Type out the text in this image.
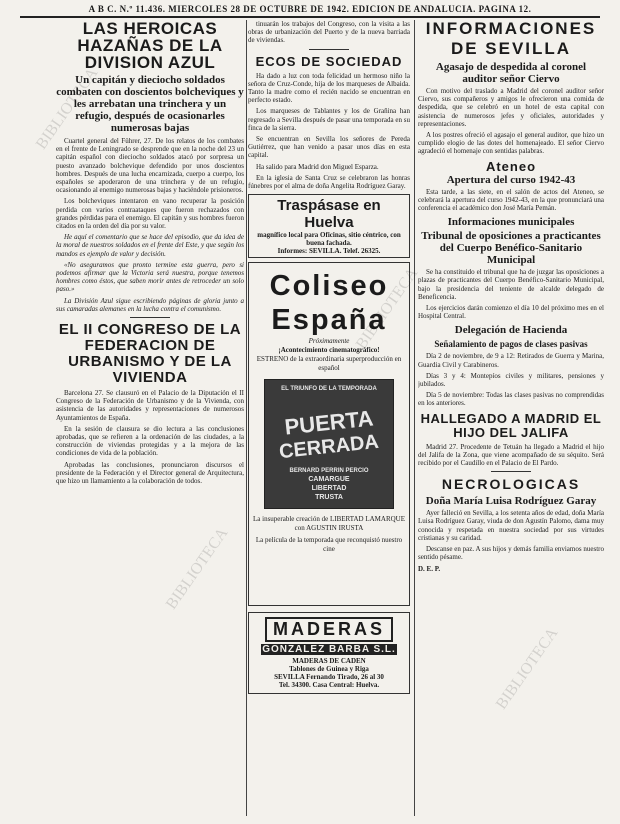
A B C. N.º 11.436. MIERCOLES 28 DE OCTUBRE DE 1942. EDICION DE ANDALUCIA. PAGINA 12.
LAS HEROICAS HAZAÑAS DE LA DIVISION AZUL
Un capitán y dieciocho soldados combaten con doscientos bolcheviques y les arrebatan una trinchera y un refugio, después de ocasionarles numerosas bajas

Cuartel general del Führer, 27. De los relatos de los combates en el frente de Leningrado se desprende que en la noche del 23 un capitán español con dieciocho soldados atacó por sorpresa un puesto avanzado bolchevique defendido por unos doscientos hombres. Después de una lucha encarnizada, cuerpo a cuerpo, los españoles se apoderaron de una trinchera y de un refugio, ocasionando al enemigo numerosas bajas y haciéndole prisioneros.

Los bolcheviques intentaron en vano recuperar la posición perdida con varios contraataques que fueron rechazados con grandes pérdidas para el enemigo. El capitán y sus hombres fueron citados en la orden del día por su valor.

He aquí el comentario que se hace del episodio, que da idea de la moral de nuestros soldados en el frente del Este, y que según los mandos es ejemplo de valor y decisión.

«No aseguramos que pronto termine esta guerra, pero sí podemos afirmar que la Victoria será nuestra, porque tenemos hombres como éstos, que saben morir antes de retroceder un solo paso.»

La División Azul sigue escribiendo páginas de gloria junto a sus camaradas alemanes en la lucha contra el comunismo.

EL II CONGRESO DE LA FEDERACION DE URBANISMO Y DE LA VIVIENDA

Barcelona 27. Se clausuró en el Palacio de la Diputación el II Congreso de la Federación de Urbanismo y de la Vivienda, con asistencia de las autoridades y representaciones de numerosos Ayuntamientos de España.

En la sesión de clausura se dio lectura a las conclusiones aprobadas, que se refieren a la ordenación de las ciudades, a la construcción de viviendas protegidas y a la mejora de las condiciones de vida de la población.

Aprobadas las conclusiones, pronunciaron discursos el presidente de la Federación y el Director general de Arquitectura, que hizo un llamamiento a la colaboración de todos.

tinuarán los trabajos del Congreso, con la visita a las obras de urbanización del Puerto y de la nueva barriada de viviendas.

ECOS DE SOCIEDAD

Ha dado a luz con toda felicidad un hermoso niño la señora de Cruz-Conde, hija de los marqueses de Albaida. Tanto la madre como el recién nacido se encuentran en perfecto estado.

Los marqueses de Tablantes y los de Grañina han regresado a Sevilla después de pasar una temporada en su finca de la sierra.

Se encuentran en Sevilla los señores de Pereda Gutiérrez, que han venido a pasar unos días en esta capital.

Ha salido para Madrid don Miguel Esparza.

En la iglesia de Santa Cruz se celebraron las honras fúnebres por el alma de doña Angelita Rodríguez Garay.

Traspásase en Huelva
magnífico local para Oficinas, sitio céntrico, con buena fachada.
Informes: SEVILLA. Telef. 26325.
Coliseo
España
Próximamente
¡Acontecimiento cinematográfico!
ESTRENO de la extraordinaria superproducción en español
EL TRIUNFO DE LA TEMPORADA
PUERTA
CERRADA
BERNARD PERRIN PERCIO
CAMARGUE
LIBERTAD
TRUSTA
La insuperable creación de LIBERTAD LAMARQUE con AGUSTIN IRUSTA
La película de la temporada que reconquistó nuestro cine
MADERAS
GONZALEZ BARBA S.L.
MADERAS DE CADEN
Tablones de Guinea y Riga
SEVILLA Fernando Tirado, 26 al 30
Tel. 34300. Casa Central: Huelva.
INFORMACIONES
DE SEVILLA
Agasajo de despedida al coronel auditor señor Ciervo

Con motivo del traslado a Madrid del coronel auditor señor Ciervo, sus compañeros y amigos le ofrecieron una comida de despedida, que se celebró en un hotel de esta capital con asistencia de numerosos jefes y oficiales, autoridades y representaciones.

A los postres ofreció el agasajo el general auditor, que hizo un cumplido elogio de las dotes del homenajeado. El señor Ciervo agradeció el homenaje con sentidas palabras.

Ateneo
Apertura del curso 1942-43

Esta tarde, a las siete, en el salón de actos del Ateneo, se celebrará la apertura del curso 1942-43, en la que pronunciará una conferencia el académico don José María Pemán.

Informaciones municipales
Tribunal de oposiciones a practicantes del Cuerpo Benéfico-Sanitario Municipal

Se ha constituido el tribunal que ha de juzgar las oposiciones a plazas de practicantes del Cuerpo Benéfico-Sanitario Municipal, bajo la presidencia del teniente de alcalde delegado de Beneficencia.

Los ejercicios darán comienzo el día 10 del próximo mes en el Hospital Central.

Delegación de Hacienda
Señalamiento de pagos de clases pasivas

Día 2 de noviembre, de 9 a 12: Retirados de Guerra y Marina, Guardia Civil y Carabineros.

Días 3 y 4: Montepíos civiles y militares, pensiones y jubilados.

Día 5 de noviembre: Todas las clases pasivas no comprendidas en los anteriores.

HALLEGADO A MADRID EL HIJO DEL JALIFA

Madrid 27. Procedente de Tetuán ha llegado a Madrid el hijo del Jalifa de la Zona, que viene acompañado de su séquito. Será recibido por el Caudillo en el Palacio de El Pardo.

NECROLOGICAS
Doña María Luisa Rodríguez Garay

Ayer falleció en Sevilla, a los setenta años de edad, doña María Luisa Rodríguez Garay, viuda de don Agustín Palomo, dama muy conocida y respetada en nuestra sociedad por sus virtudes cristianas y su caridad.

Descanse en paz. A sus hijos y demás familia enviamos nuestro sentido pésame.

D. E. P.
BIBLIOTECA
BIBLIOTECA
BIBLIOTECA
BIBLIOTECA
